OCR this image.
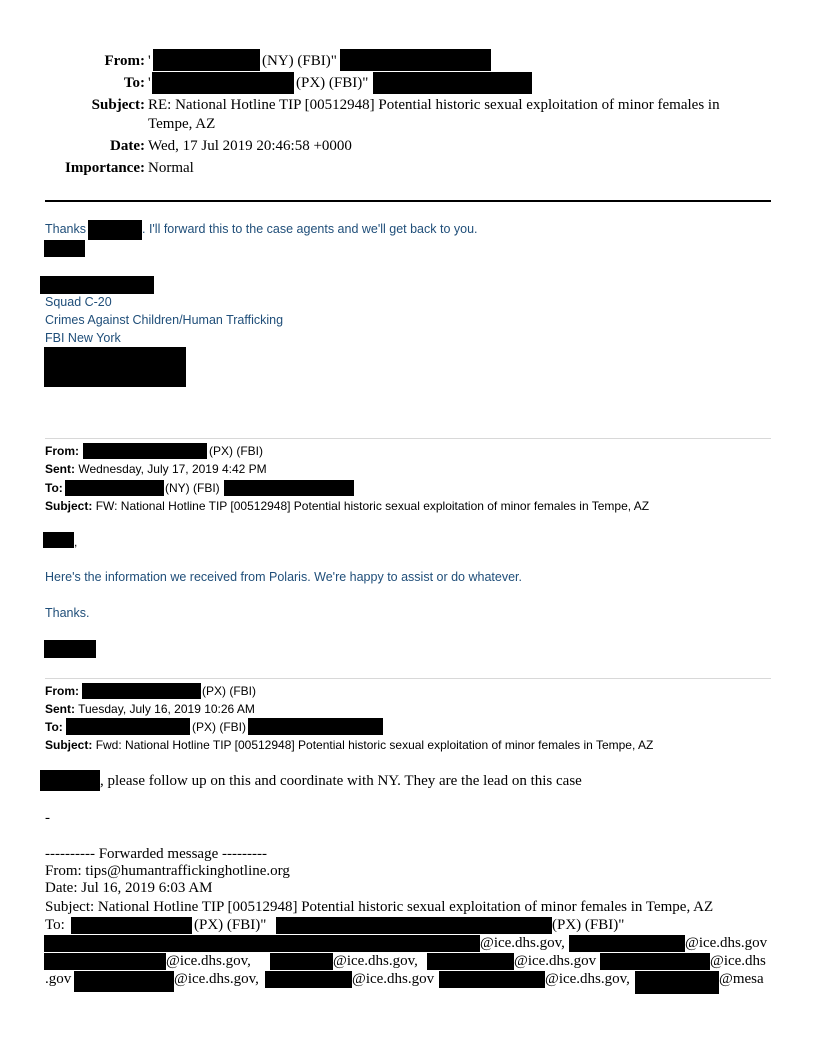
From: '	(NY) (FBI)"
To: '	(PX) (FBI)"
Subject: RE: National Hotline TIP [00512948] Potential historic sexual exploitation of minor females in
Tempe, AZ
Date: Wed, 17 Jul 2019 20:46:58 +0000
Importance: Normal
Thanks	. I'll forward this to the case agents and we'll get back to you.
Squad C-20
Crimes Against Children/Human Trafficking
FBI New York
From:	(PX) (FBI)
Sent: Wednesday, July 17, 2019 4:42 PM
To:	(NY) (FBI)
Subject: FW: National Hotline TIP [00512948] Potential historic sexual exploitation of minor females in Tempe, AZ
,
Here's the information we received from Polaris. We're happy to assist or do whatever.
Thanks.
From:	(PX) (FBI)
Sent: Tuesday, July 16, 2019 10:26 AM
To:	(PX) (FBI)
Subject: Fwd: National Hotline TIP [00512948] Potential historic sexual exploitation of minor females in Tempe, AZ
, please follow up on this and coordinate with NY. They are the lead on this case
-
---------- Forwarded message ---------
From: tips@humantraffickinghotline.org
Date: Jul 16, 2019 6:03 AM
Subject: National Hotline TIP [00512948] Potential historic sexual exploitation of minor females in Tempe, AZ
To:	(PX) (FBI)"	(PX) (FBI)"
@ice.dhs.gov,	@ice.dhs.gov
@ice.dhs.gov,	@ice.dhs.gov,	@ice.dhs.gov	@ice.dhs
.gov	@ice.dhs.gov,	@ice.dhs.gov	@ice.dhs.gov,	@mesa
